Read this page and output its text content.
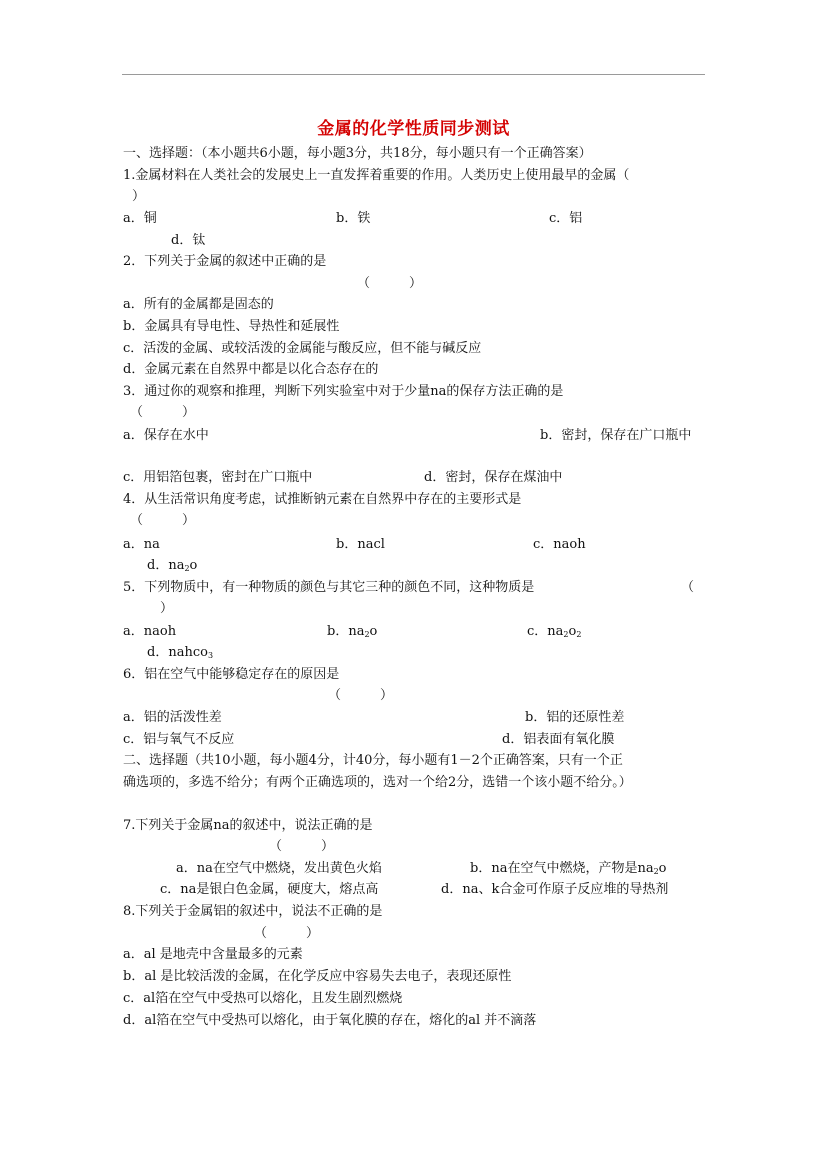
金属的化学性质同步测试
一、选择题：（本小题共6小题，每小题3分，共18分，每小题只有一个正确答案）
1.金属材料在人类社会的发展史上一直发挥着重要的作用。人类历史上使用最早的金属（
）
a．铜	b．铁	c．铝
d．钛
2．下列关于金属的叙述中正确的是
（　　　）
a．所有的金属都是固态的
b．金属具有导电性、导热性和延展性
c．活泼的金属、或较活泼的金属能与酸反应，但不能与碱反应
d．金属元素在自然界中都是以化合态存在的
3．通过你的观察和推理，判断下列实验室中对于少量na的保存方法正确的是
（　　　）
a．保存在水中	b．密封，保存在广口瓶中
c．用铝箔包裹，密封在广口瓶中	d．密封，保存在煤油中
4．从生活常识角度考虑，试推断钠元素在自然界中存在的主要形式是
（　　　）
a．na	b．nacl	c．naoh
d．$na_2o$
5．下列物质中，有一种物质的颜色与其它三种的颜色不同，这种物质是	（
）
a．naoh	b．$na_2o$	c．$na_2o_2$
d．nahco$_3$
6．铝在空气中能够稳定存在的原因是
（　　　）
a．铝的活泼性差	b．铝的还原性差
c．铝与氧气不反应	d．铝表面有氧化膜
二、选择题（共10小题，每小题4分，计40分，每小题有1－2个正确答案，只有一个正
确选项的，多选不给分；有两个正确选项的，选对一个给2分，选错一个该小题不给分。）
7.下列关于金属na的叙述中，说法正确的是
（　　　）
a．na在空气中燃烧，发出黄色火焰	b．na在空气中燃烧，产物是$na_2o$
c．na是银白色金属，硬度大，熔点高	d．na、k合金可作原子反应堆的导热剂
8.下列关于金属铝的叙述中，说法不正确的是
（　　　）
a．al 是地壳中含量最多的元素
b．al 是比较活泼的金属，在化学反应中容易失去电子，表现还原性
c．al箔在空气中受热可以熔化，且发生剧烈燃烧
d．al箔在空气中受热可以熔化，由于氧化膜的存在，熔化的al 并不滴落
